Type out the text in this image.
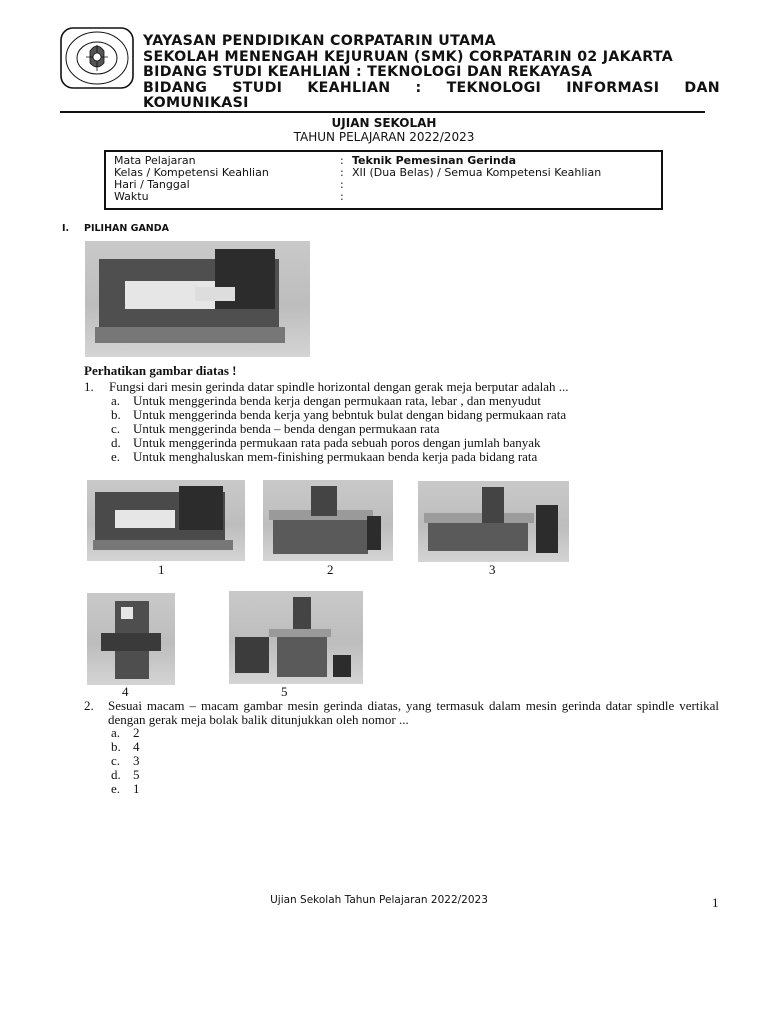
YAYASAN PENDIDIKAN CORPATARIN UTAMA
SEKOLAH MENENGAH KEJURUAN (SMK) CORPATARIN 02 JAKARTA
BIDANG STUDI KEAHLIAN : TEKNOLOGI DAN REKAYASA
BIDANG STUDI KEAHLIAN : TEKNOLOGI INFORMASI DAN
KOMUNIKASI
UJIAN SEKOLAH
TAHUN PELAJARAN 2022/2023
Mata Pelajaran	: Teknik Pemesinan Gerinda
Kelas / Kompetensi Keahlian	: XII (Dua Belas) / Semua Kompetensi Keahlian
Hari / Tanggal	:
Waktu	:
I. PILIHAN GANDA
Perhatikan gambar diatas !
1. Fungsi dari mesin gerinda datar spindle horizontal dengan gerak meja berputar adalah ...
a. Untuk menggerinda benda kerja dengan permukaan rata, lebar , dan menyudut
b. Untuk menggerinda benda kerja yang bebntuk bulat dengan bidang permukaan rata
c. Untuk menggerinda benda – benda dengan permukaan rata
d. Untuk menggerinda permukaan rata pada sebuah poros dengan jumlah banyak
e. Untuk menghaluskan mem-finishing permukaan benda kerja pada bidang rata
1	2	3
4	5
2. Sesuai macam – macam gambar mesin gerinda diatas, yang termasuk dalam mesin gerinda datar spindle vertikal dengan gerak meja bolak balik ditunjukkan oleh nomor ...
a. 2
b. 4
c. 3
d. 5
e. 1
Ujian Sekolah Tahun Pelajaran 2022/2023	1
